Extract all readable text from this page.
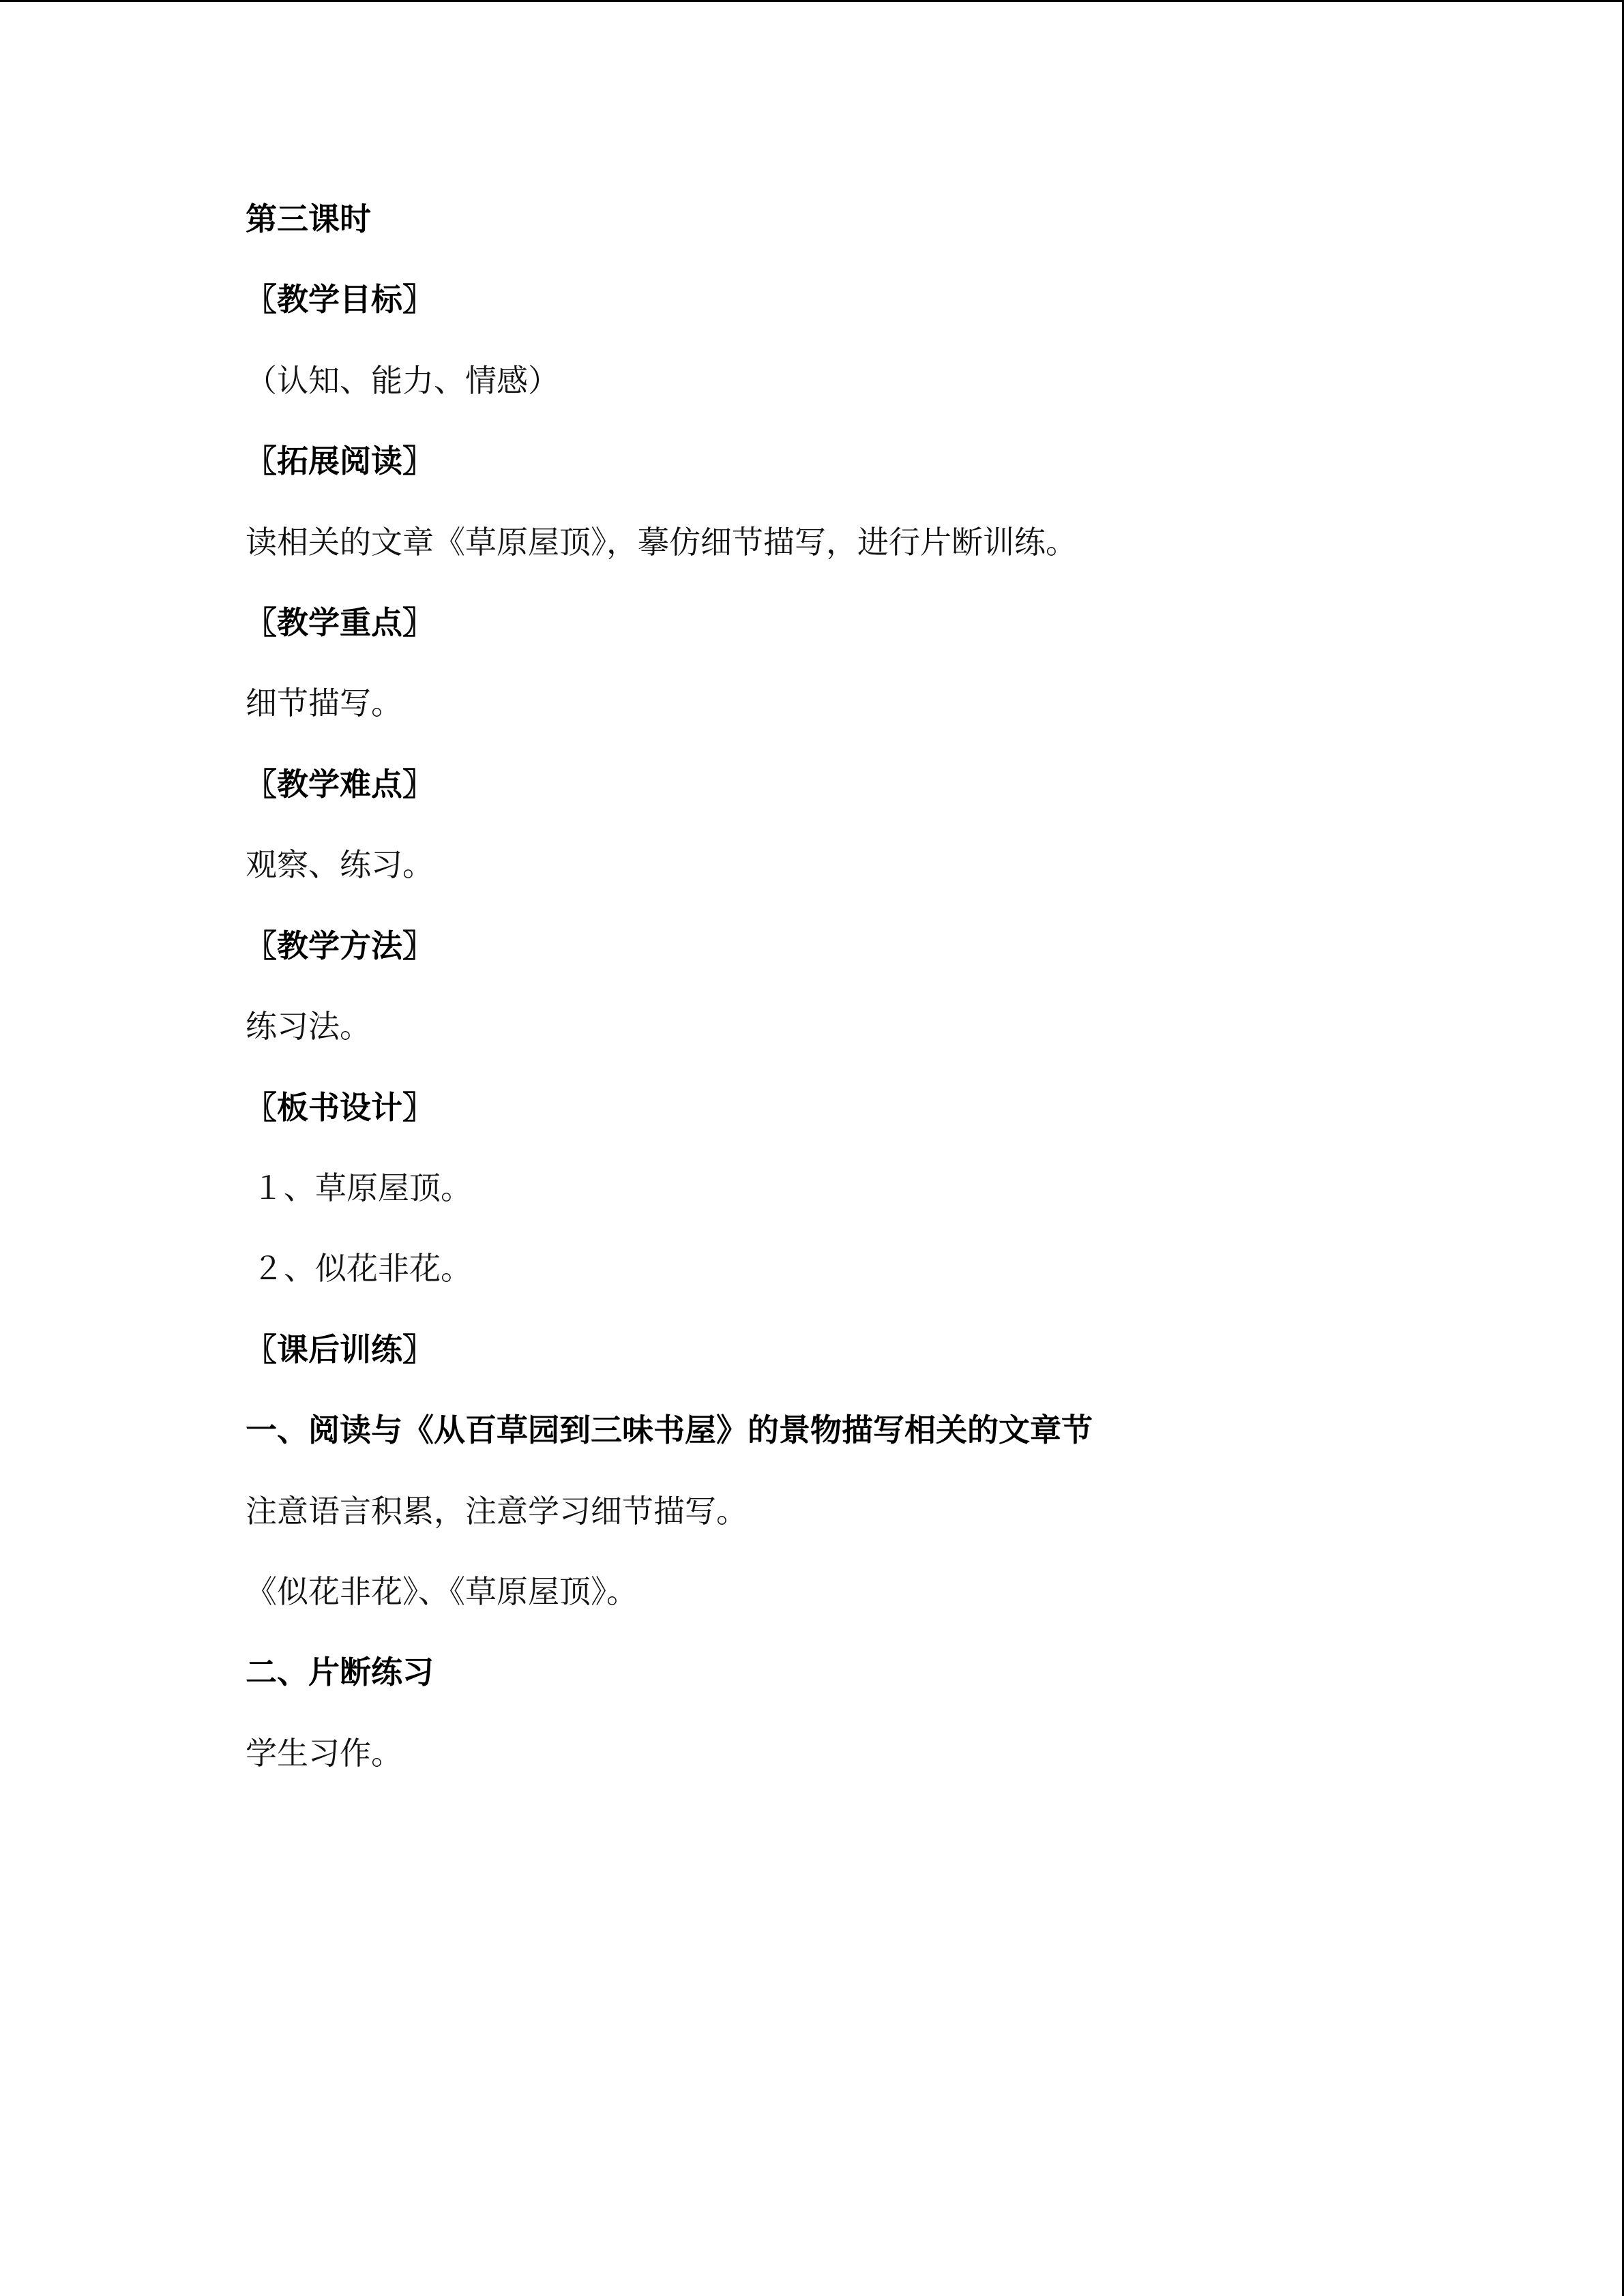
第三课时
〖教学目标〗
（认知、能力、情感）
〖拓展阅读〗
读相关的文章《草原屋顶》，摹仿细节描写，进行片断训练。
〖教学重点〗
细节描写。
〖教学难点〗
观察、练习。
〖教学方法〗
练习法。
〖板书设计〗
１、草原屋顶。
２、似花非花。
〖课后训练〗
一、阅读与《从百草园到三味书屋》的景物描写相关的文章节
注意语言积累，注意学习细节描写。
《似花非花》、《草原屋顶》。
二、片断练习
学生习作。
